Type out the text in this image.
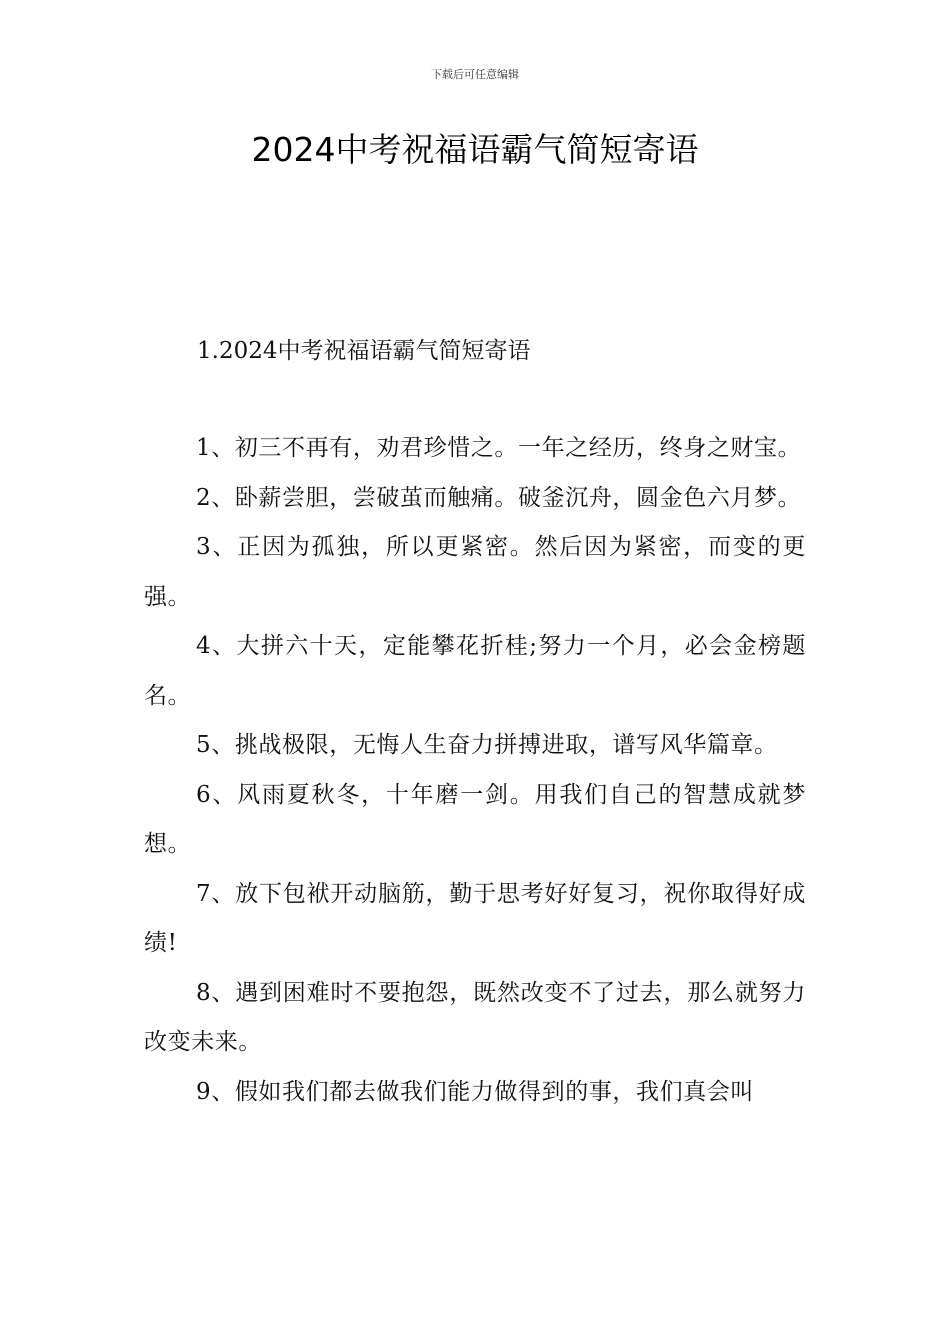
下载后可任意编辑
2024中考祝福语霸气简短寄语
1.2024中考祝福语霸气简短寄语

1、初三不再有，劝君珍惜之。一年之经历，终身之财宝。

2、卧薪尝胆，尝破茧而触痛。破釜沉舟，圆金色六月梦。

3、正因为孤独，所以更紧密。然后因为紧密，而变的更强。

4、大拼六十天，定能攀花折桂;努力一个月，必会金榜题名。

5、挑战极限，无悔人生奋力拼搏进取，谱写风华篇章。

6、风雨夏秋冬，十年磨一剑。用我们自己的智慧成就梦想。

7、放下包袱开动脑筋，勤于思考好好复习，祝你取得好成绩!

8、遇到困难时不要抱怨，既然改变不了过去，那么就努力改变未来。

9、假如我们都去做我们能力做得到的事，我们真会叫
